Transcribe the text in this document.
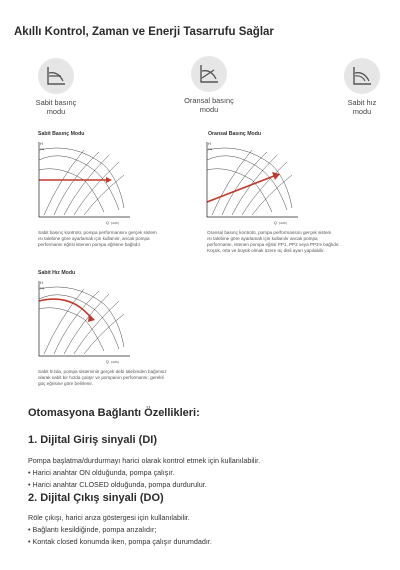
Akıllı Kontrol, Zaman ve Enerji Tasarrufu Sağlar
Sabit basınç
modu
Oransal basınç
modu
Sabit hız
modu
Sabit Basınç Modu
H
[m]
Q [m³/h]
Sabit basınç kontrolü, pompa performansını gerçek sistem
ısı talebine göre ayarlamak için kullanılır, ancak pompa
performansı eğrisi istenen pompa eğrisine bağlıdır.
Oransal Basınç Modu
H
[m]
Q [m³/h]
Oransal basınç kontrolü, pompa performansını gerçek sistem
ısı talebine göre ayarlamak için kullanılır ancak pompa
performansı, istenen pompa eğrisi PP1, PP2 veya PP3'e bağlıdır.
Küçük, orta ve büyük olmak üzere üç disli ayarı yapılabilir.
Sabit Hız Modu
H
[m]
Q [m³/h]
Sabit hızda, pompa sisteminin gerçek debi talebinden bağımsız
olarak sabit bir hızda çalışır ve pompanın performansı; gerekli
güç eğrisine göre belirlenir.
Otomasyona Bağlantı Özellikleri:
1. Dijital Giriş sinyali (DI)
Pompa başlatma/durdurmayı harici olarak kontrol etmek için kullanılabilir.
• Harici anahtar ON olduğunda, pompa çalışır.
• Harici anahtar CLOSED olduğunda, pompa durdurulur.
2. Dijital Çıkış sinyali (DO)
Röle çıkışı, harici arıza göstergesi için kullanılabilir.
• Bağlantı kesildiğinde, pompa arızalıdır;
• Kontak closed konumda iken, pompa çalışır durumdadır.
